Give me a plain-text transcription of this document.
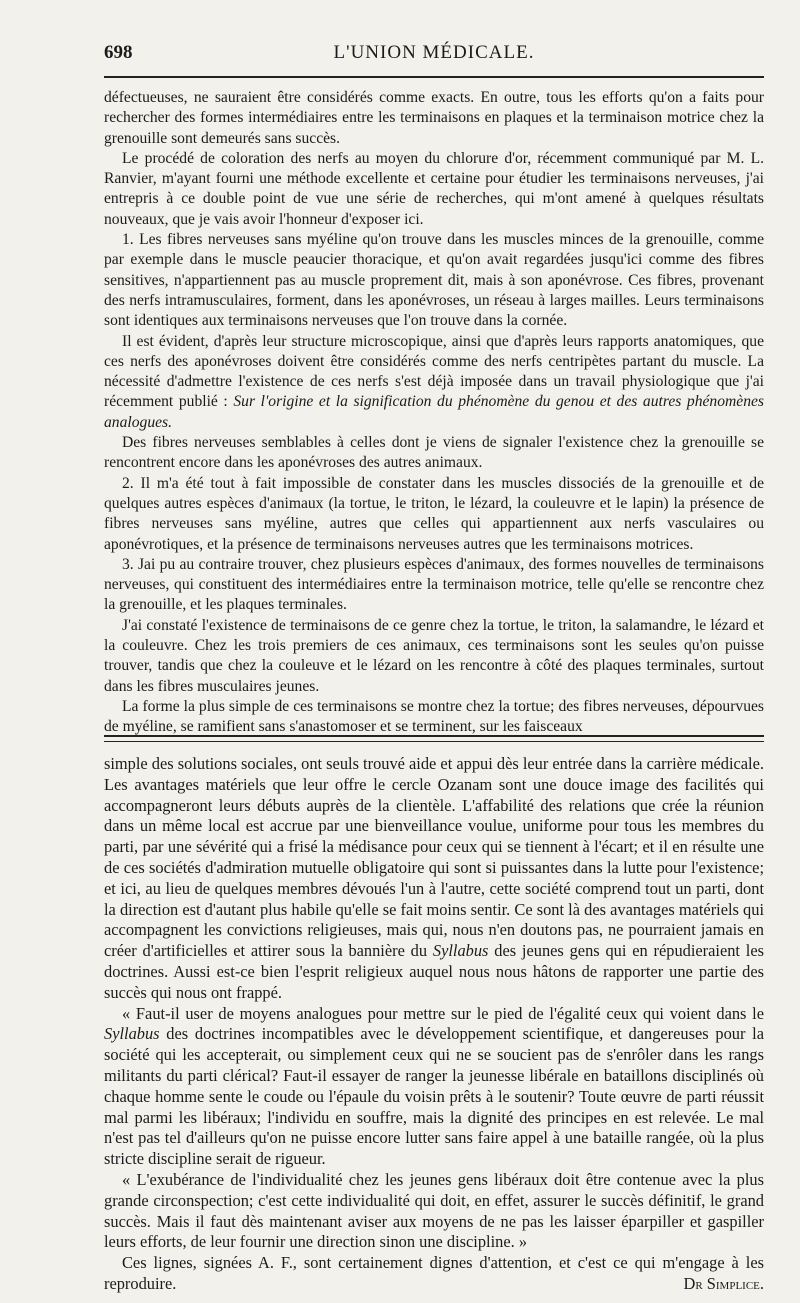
698	L'UNION MÉDICALE.

défectueuses, ne sauraient être considérés comme exacts. En outre, tous les efforts qu'on a faits pour rechercher des formes intermédiaires entre les terminaisons en plaques et la terminaison motrice chez la grenouille sont demeurés sans succès.

Le procédé de coloration des nerfs au moyen du chlorure d'or, récemment communiqué par M. L. Ranvier, m'ayant fourni une méthode excellente et certaine pour étudier les terminaisons nerveuses, j'ai entrepris à ce double point de vue une série de recherches, qui m'ont amené à quelques résultats nouveaux, que je vais avoir l'honneur d'exposer ici.

1. Les fibres nerveuses sans myéline qu'on trouve dans les muscles minces de la grenouille, comme par exemple dans le muscle peaucier thoracique, et qu'on avait regardées jusqu'ici comme des fibres sensitives, n'appartiennent pas au muscle proprement dit, mais à son aponévrose. Ces fibres, provenant des nerfs intramusculaires, forment, dans les aponévroses, un réseau à larges mailles. Leurs terminaisons sont identiques aux terminaisons nerveuses que l'on trouve dans la cornée.

Il est évident, d'après leur structure microscopique, ainsi que d'après leurs rapports anatomiques, que ces nerfs des aponévroses doivent être considérés comme des nerfs centripètes partant du muscle. La nécessité d'admettre l'existence de ces nerfs s'est déjà imposée dans un travail physiologique que j'ai récemment publié : Sur l'origine et la signification du phénomène du genou et des autres phénomènes analogues.

Des fibres nerveuses semblables à celles dont je viens de signaler l'existence chez la grenouille se rencontrent encore dans les aponévroses des autres animaux.

2. Il m'a été tout à fait impossible de constater dans les muscles dissociés de la grenouille et de quelques autres espèces d'animaux (la tortue, le triton, le lézard, la couleuvre et le lapin) la présence de fibres nerveuses sans myéline, autres que celles qui appartiennent aux nerfs vasculaires ou aponévrotiques, et la présence de terminaisons nerveuses autres que les terminaisons motrices.

3. Jai pu au contraire trouver, chez plusieurs espèces d'animaux, des formes nouvelles de terminaisons nerveuses, qui constituent des intermédiaires entre la terminaison motrice, telle qu'elle se rencontre chez la grenouille, et les plaques terminales.

J'ai constaté l'existence de terminaisons de ce genre chez la tortue, le triton, la salamandre, le lézard et la couleuvre. Chez les trois premiers de ces animaux, ces terminaisons sont les seules qu'on puisse trouver, tandis que chez la couleuve et le lézard on les rencontre à côté des plaques terminales, surtout dans les fibres musculaires jeunes.

La forme la plus simple de ces terminaisons se montre chez la tortue; des fibres nerveuses, dépourvues de myéline, se ramifient sans s'anastomoser et se terminent, sur les faisceaux

simple des solutions sociales, ont seuls trouvé aide et appui dès leur entrée dans la carrière médicale. Les avantages matériels que leur offre le cercle Ozanam sont une douce image des facilités qui accompagneront leurs débuts auprès de la clientèle. L'affabilité des relations que crée la réunion dans un même local est accrue par une bienveillance voulue, uniforme pour tous les membres du parti, par une sévérité qui a frisé la médisance pour ceux qui se tiennent à l'écart; et il en résulte une de ces sociétés d'admiration mutuelle obligatoire qui sont si puissantes dans la lutte pour l'existence; et ici, au lieu de quelques membres dévoués l'un à l'autre, cette société comprend tout un parti, dont la direction est d'autant plus habile qu'elle se fait moins sentir. Ce sont là des avantages matériels qui accompagnent les convictions religieuses, mais qui, nous n'en doutons pas, ne pourraient jamais en créer d'artificielles et attirer sous la bannière du Syllabus des jeunes gens qui en répudieraient les doctrines. Aussi est-ce bien l'esprit religieux auquel nous nous hâtons de rapporter une partie des succès qui nous ont frappé.

« Faut-il user de moyens analogues pour mettre sur le pied de l'égalité ceux qui voient dans le Syllabus des doctrines incompatibles avec le développement scientifique, et dangereuses pour la société qui les accepterait, ou simplement ceux qui ne se soucient pas de s'enrôler dans les rangs militants du parti clérical? Faut-il essayer de ranger la jeunesse libérale en bataillons disciplinés où chaque homme sente le coude ou l'épaule du voisin prêts à le soutenir? Toute œuvre de parti réussit mal parmi les libéraux; l'individu en souffre, mais la dignité des principes en est relevée. Le mal n'est pas tel d'ailleurs qu'on ne puisse encore lutter sans faire appel à une bataille rangée, où la plus stricte discipline serait de rigueur.

« L'exubérance de l'individualité chez les jeunes gens libéraux doit être contenue avec la plus grande circonspection; c'est cette individualité qui doit, en effet, assurer le succès définitif, le grand succès. Mais il faut dès maintenant aviser aux moyens de ne pas les laisser éparpiller et gaspiller leurs efforts, de leur fournir une direction sinon une discipline. »

Ces lignes, signées A. F., sont certainement dignes d'attention, et c'est ce qui m'engage à les reproduire.	Dr Simplice.
